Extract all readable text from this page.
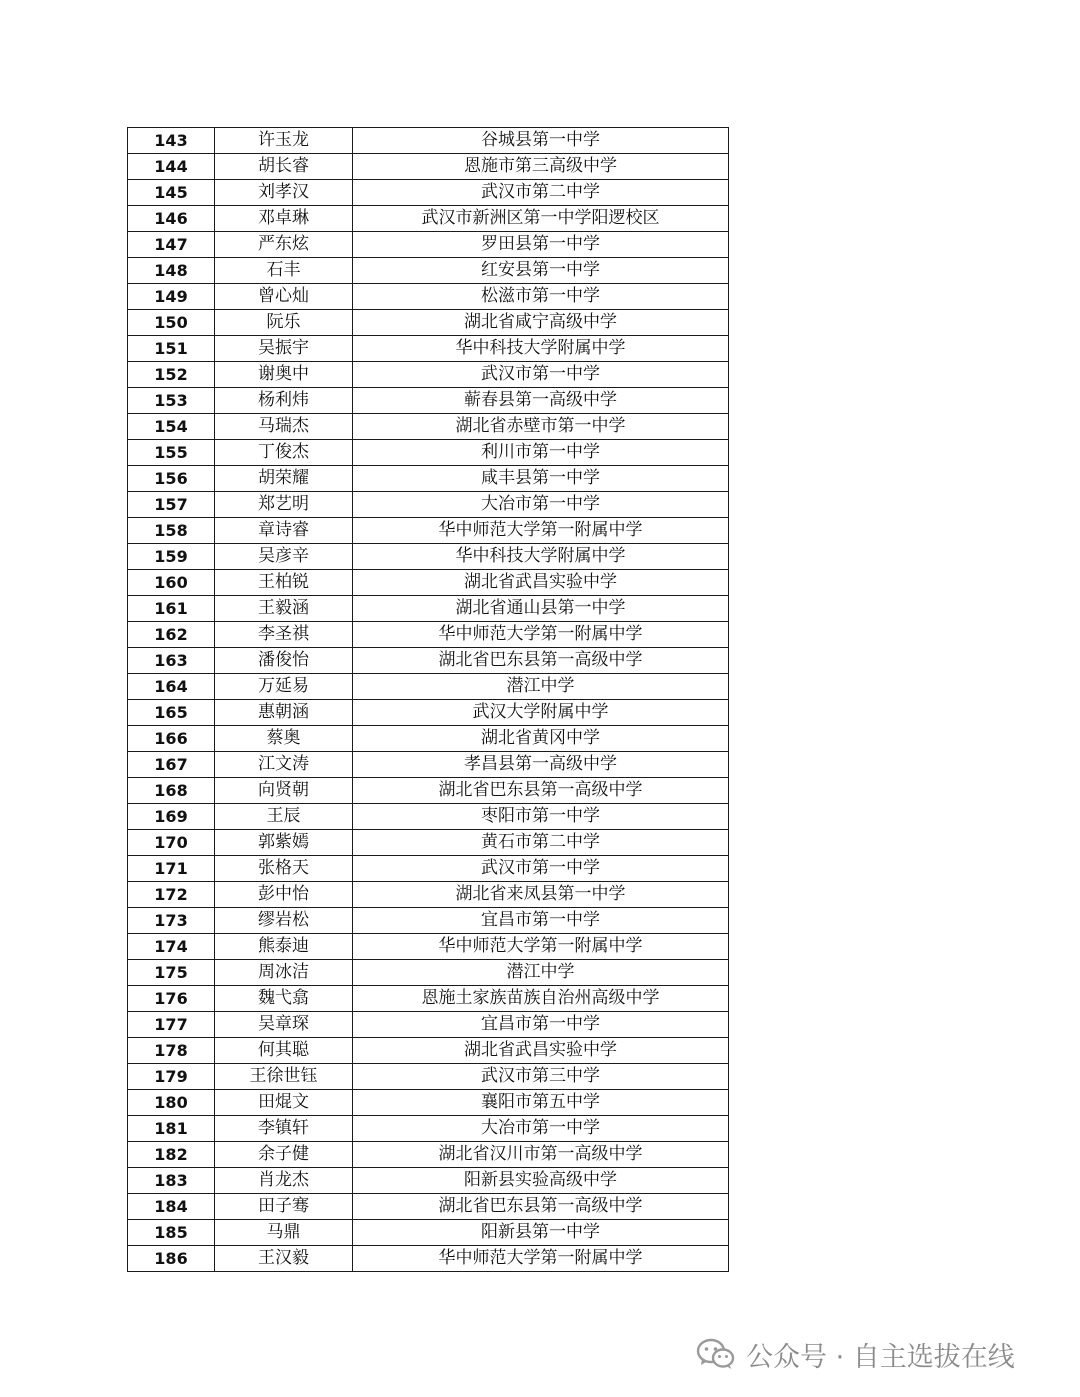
143	许玉龙	谷城县第一中学
144	胡长睿	恩施市第三高级中学
145	刘孝汉	武汉市第二中学
146	邓卓琳	武汉市新洲区第一中学阳逻校区
147	严东炫	罗田县第一中学
148	石丰	红安县第一中学
149	曾心灿	松滋市第一中学
150	阮乐	湖北省咸宁高级中学
151	吴振宇	华中科技大学附属中学
152	谢奥中	武汉市第一中学
153	杨利炜	蕲春县第一高级中学
154	马瑞杰	湖北省赤壁市第一中学
155	丁俊杰	利川市第一中学
156	胡荣耀	咸丰县第一中学
157	郑艺明	大冶市第一中学
158	章诗睿	华中师范大学第一附属中学
159	吴彦辛	华中科技大学附属中学
160	王柏锐	湖北省武昌实验中学
161	王毅涵	湖北省通山县第一中学
162	李圣祺	华中师范大学第一附属中学
163	潘俊怡	湖北省巴东县第一高级中学
164	万延易	潜江中学
165	惠朝涵	武汉大学附属中学
166	蔡奥	湖北省黄冈中学
167	江文涛	孝昌县第一高级中学
168	向贤朝	湖北省巴东县第一高级中学
169	王辰	枣阳市第一中学
170	郭紫嫣	黄石市第二中学
171	张格天	武汉市第一中学
172	彭中怡	湖北省来凤县第一中学
173	缪岩松	宜昌市第一中学
174	熊泰迪	华中师范大学第一附属中学
175	周冰洁	潜江中学
176	魏弋翕	恩施土家族苗族自治州高级中学
177	吴章琛	宜昌市第一中学
178	何其聪	湖北省武昌实验中学
179	王徐世钰	武汉市第三中学
180	田焜文	襄阳市第五中学
181	李镇轩	大冶市第一中学
182	余子健	湖北省汉川市第一高级中学
183	肖龙杰	阳新县实验高级中学
184	田子骞	湖北省巴东县第一高级中学
185	马鼎	阳新县第一中学
186	王汉毅	华中师范大学第一附属中学
公众号 · 自主选拔在线
